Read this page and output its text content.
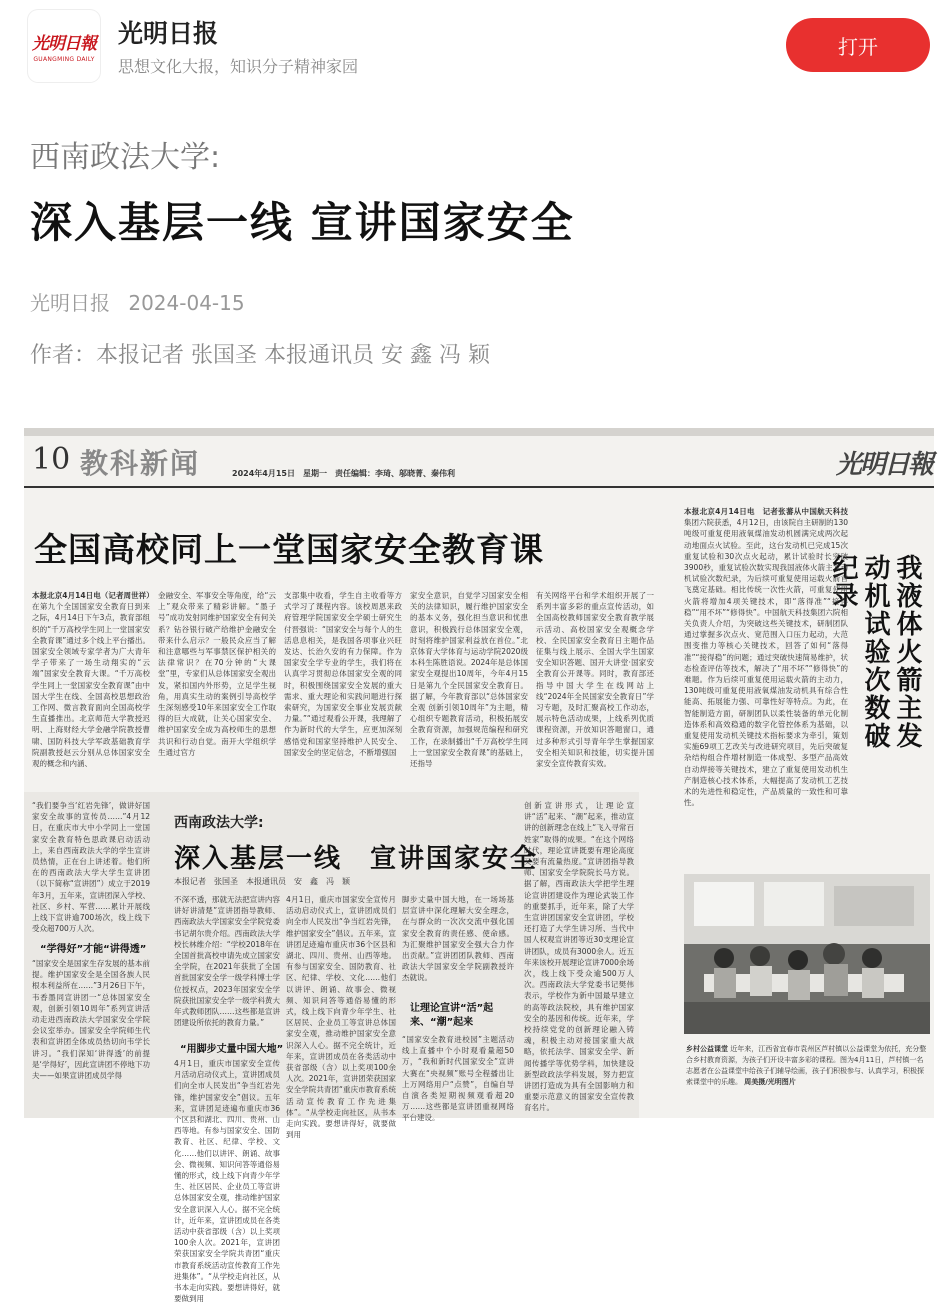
光明日報
GUANGMING DAILY
光明日报
思想文化大报，知识分子精神家园
打开
西南政法大学:
深入基层一线 宣讲国家安全
光明日报 2024-04-15
作者：本报记者 张国圣 本报通讯员 安 鑫 冯 颖
10 教科新闻	2024年4月15日　星期一　责任编辑：李琦、邬晓菁、秦伟利	光明日報
全国高校同上一堂国家安全教育课
本报北京4月14日电（记者周世祥）在第九个全国国家安全教育日到来之际，4月14日下午3点，教育部组织的“千万高校学生同上一堂国家安全教育课”通过多个线上平台播出。国家安全领域专家学者为广大青年学子带来了一场生动翔实的“云端”国家安全教育大课。“千万高校学生同上一堂国家安全教育课”由中国大学生在线、全国高校思想政治工作网、微言教育面向全国高校学生直播推出。北京师范大学教授迟明、上海财经大学金融学院教授曹啸、国防科技大学军政基础教育学院副教授赵云分别从总体国家安全观的概念和内涵、
金融安全、军事安全等角度，给“云上”观众带来了精彩讲解。“墨子号”成功发射同维护国家安全有何关系？钻谷银行破产给维护金融安全带来什么启示？一般民众应当了解和注意哪些与军事禁区保护相关的法律常识？在70分钟的“大课堂”里，专家们从总体国家安全观出发，紧扣国内外形势，立足学生视角，用真实生动的案例引导高校学生深刻感受10年来国家安全工作取得的巨大成就，让关心国家安全、维护国家安全成为高校师生的思想共识和行动自觉。南开大学组织学生通过官方
支部集中收看，学生自主收看等方式学习了课程内容。该校周恩来政府管理学院国家安全学硕士研究生付晋强说：“国家安全与每个人的生活息息相关，是我国各项事业兴旺发达、长治久安的有力保障。作为国家安全学专业的学生，我们将在认真学习贯彻总体国家安全观的同时，积极围绕国家安全发展的重大需求、重大理论和实践问题进行探索研究，为国家安全事业发展贡献力量。”“通过观看公开课，我理解了作为新时代的大学生，应更加深刻感悟党和国家坚持维护人民安全、国家安全的坚定信念，不断增强国
家安全意识，自觉学习国家安全相关的法律知识，履行维护国家安全的基本义务，强化担当意识和忧患意识，积极践行总体国家安全观，时刻将维护国家利益放在首位。”北京体育大学体育与运动学院2020级本科生陈胜语说。2024年是总体国家安全观提出10周年，今年4月15日是第九个全民国家安全教育日。据了解，今年教育部以“总体国家安全观 创新引领10周年”为主题，精心组织专题教育活动，积极拓展安全教育资源，加强规范编程和研究工作，在录制播出“千万高校学生同上一堂国家安全教育课”的基础上，还指导
有关网络平台和学术组织开展了一系列丰富多彩的重点宣传活动，如全国高校教师国家安全教育教学展示活动、高校国家安全观概念学校、全民国家安全教育日主题作品征集与线上展示、全国大学生国家安全知识答题、国开大讲堂·国家安全教育公开课等。同时，教育部还指导中国大学生在线网站上线“2024年全民国家安全教育日”学习专题，及时汇聚高校工作动态，展示特色活动成果，上线系列优质课程资源，开放知识答题窗口，通过多种形式引导青年学生掌握国家安全相关知识和技能，切实提升国家安全宣传教育实效。
我液体火箭主发动机试验次数破纪录
本报北京4月14日电　记者张蕃从中国航天科技集团六院获悉，4月12日，由该院自主研制的130吨级可重复使用液氧煤油发动机圆满完成两次起动地面点火试验。至此，这台发动机已完成15次重复试验和30次点火起动，累计试验时长突破3900秒，重复试验次数实现我国液体火箭主发动机试验次数纪录，为后续可重复使用运载火箭首飞奠定基础。相比传统一次性火箭，可重复使用火箭将增加4项关键技术，即“落得准”“接得稳”“用不坏”“修得快”。中国航天科技集团六院相关负责人介绍，为突破这些关键技术，研制团队通过掌握多次点火、宽范围入口压力起动，大范围变推力等核心关键技术，回答了如何“落得准”“接得稳”的问题；通过突破快速简易维护，状态检查评估等技术，解决了“用不坏”“修得快”的难题。作为后续可重复使用运载火箭的主动力，130吨级可重复使用液氧煤油发动机具有综合性能高、拓展能力强、可靠性好等特点。为此，在智能制造方面，研制团队以柔性装备的单元化制造体系和高效稳通的数字化管控体系为基础，以重复使用发动机关键技术指标要求为牵引，策划实施69项工艺改关与改进研究项目，先后突破复杂结构组合件增材制造一体成型、多型产品高效自动焊接等关键技术，建立了重复使用发动机生产制造核心技术体系，大幅提高了发动机工艺技术的先进性和稳定性，产品质量的一致性和可靠性。
“我们要争当‘红岩先锋’，做讲好国家安全故事的宣传员……”4月12日，在重庆市大中小学同上一堂国家安全教育特色思政课启动活动上，来自西南政法大学的学生宣讲员热情，正在台上讲述着。他们所在的西南政法大学大学生宣讲团（以下简称“宣讲团”）成立于2019年3月，五年来，宣讲团深入学校、社区、乡村、军营……累计开展线上线下宣讲逾700场次，线上线下受众超700万人次。
“学得好”才能“讲得透”
“国家安全是国家生存发展的基本前提。维护国家安全是全国各族人民根本利益所在……”3月26日下午，韦香墨同宣讲团一“总体国家安全观，创新引领10周年”系列宣讲活动走进西南政法大学国家安全学院会议室举办。国家安全学院师生代表和宣讲团全体成员热切向韦学长讲习。“我们深知‘讲得透’的前提是‘学得好’，因此宣讲团不停地下功夫——如果宣讲团成员学得
西南政法大学:
深入基层一线　宣讲国家安全
本报记者　张国圣　本报通讯员　安　鑫　冯　颖
不深不透，那就无法把宣讲内容讲好讲清楚”宣讲团指导教师、西南政法大学国家安全学院党委书记胡尔贵介绍。西南政法大学校长林维介绍：“学校2018年在全国首批高校申请先成立国家安全学院，在2021年获批了全国首批国家安全学一级学科博士学位授权点，2023年国家安全学院获批国家安全学一级学科黄大年式教师团队……这些都是宣讲团建设所依托的教育力量。”
“用脚步丈量中国大地”
4月1日，重庆市国家安全宣传月活动启动仪式上，宣讲团成员们向全市人民发出“争当红岩先锋，维护国家安全”倡议。五年来，宣讲团足迹遍布重庆市36个区县和湖北、四川、贵州、山西等地。有参与国家安全、国防教育、社区、纪律、学校、文化……他们以讲评、朗诵、故事会、微视频、知识问答等通俗易懂的形式，线上线下向青少年学生、社区居民、企业员工等宣讲总体国家安全观，推动维护国家安全意识深入人心。据不完全统计，近年来，宣讲团成员在各类活动中获省部级（含）以上奖项100余人次。2021年，宣讲团荣获国家安全学院共青团“重庆市教育系统活动宣传教育工作先进集体”。“从学校走向社区，从书本走向实践。要想讲得好，就要做到用
4月1日，重庆市国家安全宣传月活动启动仪式上，宣讲团成员们向全市人民发出“争当红岩先锋，维护国家安全”倡议。五年来，宣讲团足迹遍布重庆市36个区县和湖北、四川、贵州、山西等地。有参与国家安全、国防教育、社区、纪律、学校、文化……他们以讲评、朗诵、故事会、微视频、知识问答等通俗易懂的形式，线上线下向青少年学生、社区居民、企业员工等宣讲总体国家安全观，推动维护国家安全意识深入人心。据不完全统计，近年来，宣讲团成员在各类活动中获省部级（含）以上奖项100余人次。2021年，宣讲团荣获国家安全学院共青团“重庆市教育系统活动宣传教育工作先进集体”。“从学校走向社区，从书本走向实践。要想讲得好，就要做到用
脚步丈量中国大地，在一场场基层宣讲中深化理解大安全理念，在与群众的一次次交流中强化国家安全教育的责任感、使命感。为汇聚维护国家安全强大合力作出贡献。”宣讲团团队教师、西南政法大学国家安全学院副教授许杰就说。
让理论宣讲“活”起来、“潮”起来
“国家安全教育进校园”主题活动线上直播中个小时观看量超50万，“我和新时代国家安全”宣讲大赛在“央视频”账号全程播出让上万网络用户“点赞”，自编自导自演各类短期视频观看超20万……这些都是宣讲团重视网络平台建设。
创新宣讲形式，让理论宣讲“活”起来、“潮”起来，推动宣讲的创新理念在线上“飞入寻常百姓家”取得的成果。“在这个网络时代，理论宣讲既要有理论高度又要有流量热度。”宣讲团指导教师、国家安全学院院长马方说。据了解，西南政法大学把学生理论宣讲团建设作为理论武装工作的重要抓手，近年来，除了大学生宣讲团国家安全宣讲团，学校还打造了大学生讲习所、当代中国人权观宣讲团等近30支理论宣讲团队，成员有3000余人。近五年来该校开展理论宣讲7000余场次，线上线下受众逾500万人次。西南政法大学党委书记樊伟表示，学校作为新中国最早建立的高等政法院校，具有维护国家安全的基因和传统。近年来，学校持续党党的创新理论融入铸魂，积极主动对接国家重大战略，依托法学、国家安全学、新闻传播学等优势学科，加快建设新型政政法学科发展，努力把宣讲团打造成为具有全国影响力和重要示范意义的国家安全宣传教育名片。
乡村公益课堂 近年来，江西省宜春市袁州区芦村镇以公益课堂为依托，充分整合乡村教育资源，为孩子们开设丰富多彩的课程。图为4月11日，芦村镇一名志愿者在公益课堂中给孩子们辅导绘画，孩子们积极参与、认真学习，积极探索课堂中的乐趣。 周美摄/光明图片
